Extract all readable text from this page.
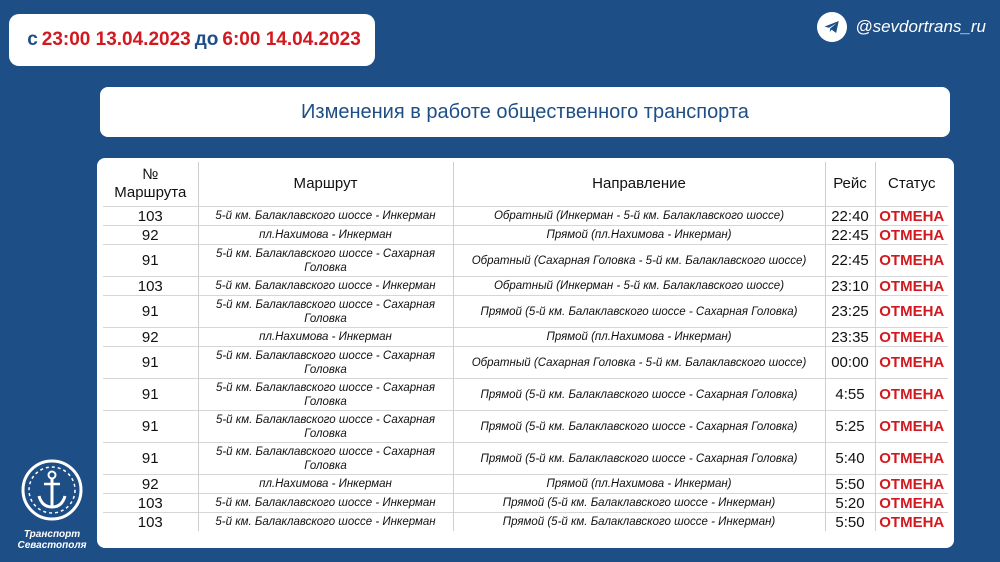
с 23:00 13.04.2023 до 6:00 14.04.2023
@sevdortrans_ru
Изменения в работе общественного транспорта
№ Маршрута	Маршрут	Направление	Рейс	Статус
103	5-й км. Балаклавского шоссе - Инкерман	Обратный (Инкерман - 5-й км. Балаклавского шоссе)	22:40	ОТМЕНА
92	пл.Нахимова - Инкерман	Прямой (пл.Нахимова - Инкерман)	22:45	ОТМЕНА
91	5-й км. Балаклавского шоссе - Сахарная Головка	Обратный (Сахарная Головка - 5-й км. Балаклавского шоссе)	22:45	ОТМЕНА
103	5-й км. Балаклавского шоссе - Инкерман	Обратный (Инкерман - 5-й км. Балаклавского шоссе)	23:10	ОТМЕНА
91	5-й км. Балаклавского шоссе - Сахарная Головка	Прямой (5-й км. Балаклавского шоссе - Сахарная Головка)	23:25	ОТМЕНА
92	пл.Нахимова - Инкерман	Прямой (пл.Нахимова - Инкерман)	23:35	ОТМЕНА
91	5-й км. Балаклавского шоссе - Сахарная Головка	Обратный (Сахарная Головка - 5-й км. Балаклавского шоссе)	00:00	ОТМЕНА
91	5-й км. Балаклавского шоссе - Сахарная Головка	Прямой (5-й км. Балаклавского шоссе - Сахарная Головка)	4:55	ОТМЕНА
91	5-й км. Балаклавского шоссе - Сахарная Головка	Прямой (5-й км. Балаклавского шоссе - Сахарная Головка)	5:25	ОТМЕНА
91	5-й км. Балаклавского шоссе - Сахарная Головка	Прямой (5-й км. Балаклавского шоссе - Сахарная Головка)	5:40	ОТМЕНА
92	пл.Нахимова - Инкерман	Прямой (пл.Нахимова - Инкерман)	5:50	ОТМЕНА
103	5-й км. Балаклавского шоссе - Инкерман	Прямой (5-й км. Балаклавского шоссе - Инкерман)	5:20	ОТМЕНА
103	5-й км. Балаклавского шоссе - Инкерман	Прямой (5-й км. Балаклавского шоссе - Инкерман)	5:50	ОТМЕНА
Транспорт
Севастополя
